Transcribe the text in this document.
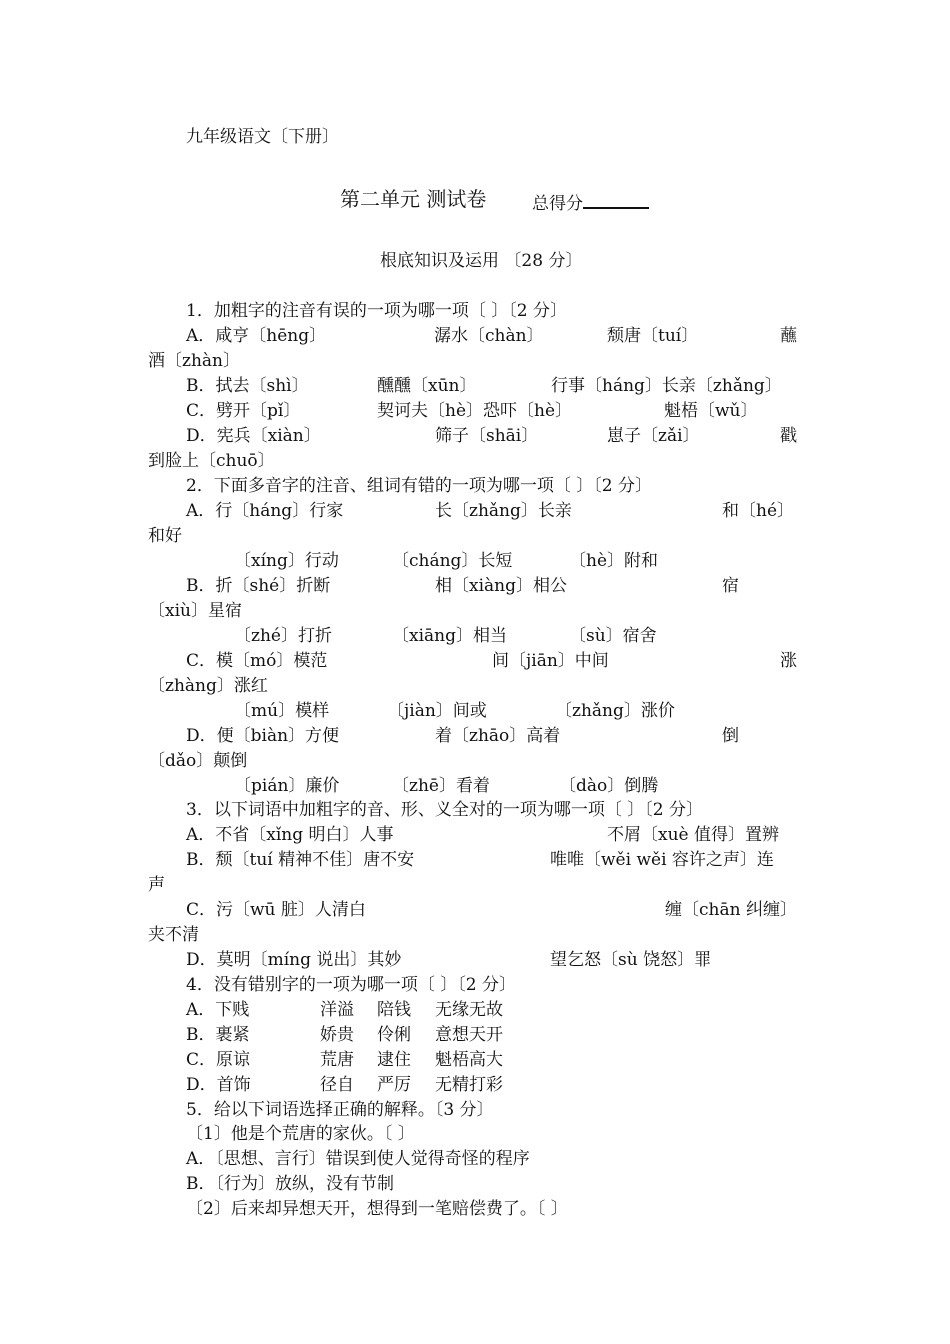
九年级语文〔下册〕
第二单元 测试卷	总得分
根底知识及运用 〔28 分〕
1．加粗字的注音有误的一项为哪一项〔 〕〔2 分〕
A．咸亨〔hēng〕	潺水〔chàn〕	颓唐〔tuí〕	蘸
酒〔zhàn〕
B．拭去〔shì〕	醺醺〔xūn〕	行事〔háng〕长亲〔zhǎng〕
C．劈开〔pǐ〕	契诃夫〔hè〕恐吓〔hè〕	魁梧〔wǔ〕
D．宪兵〔xiàn〕	筛子〔shāi〕	崽子〔zǎi〕	戳
到脸上〔chuō〕
2．下面多音字的注音、组词有错的一项为哪一项〔 〕〔2 分〕
A．行〔háng〕行家	长〔zhǎng〕长亲	和〔hé〕
和好
〔xíng〕行动	〔cháng〕长短	〔hè〕附和
B．折〔shé〕折断	相〔xiàng〕相公	宿
〔xiù〕星宿
〔zhé〕打折	〔xiāng〕相当	〔sù〕宿舍
C．模〔mó〕模范	间〔jiān〕中间	涨
〔zhàng〕涨红
〔mú〕模样	〔jiàn〕间或	〔zhǎng〕涨价
D．便〔biàn〕方便	着〔zhāo〕高着	倒
〔dǎo〕颠倒
〔pián〕廉价	〔zhē〕看着	〔dào〕倒腾
3．以下词语中加粗字的音、形、义全对的一项为哪一项〔 〕〔2 分〕
A．不省〔xǐng 明白〕人事	不屑〔xuè 值得〕置辨
B．颓〔tuí 精神不佳〕唐不安	唯唯〔wěi wěi 容许之声〕连
声
C．污〔wū 脏〕人清白	缠〔chān 纠缠〕
夹不清
D．莫明〔míng 说出〕其妙	望乞怒〔sù 饶怒〕罪
4．没有错别字的一项为哪一项〔 〕〔2 分〕
A．下贱	洋溢 陪钱 无缘无故
B．裹紧	娇贵 伶俐 意想天开
C．原谅	荒唐 逮住 魁梧高大
D．首饰	径自 严厉 无精打彩
5．给以下词语选择正确的解释。〔3 分〕
〔1〕他是个荒唐的家伙。〔 〕
A．〔思想、言行〕错误到使人觉得奇怪的程序
B．〔行为〕放纵，没有节制
〔2〕后来却异想天开，想得到一笔赔偿费了。〔 〕
